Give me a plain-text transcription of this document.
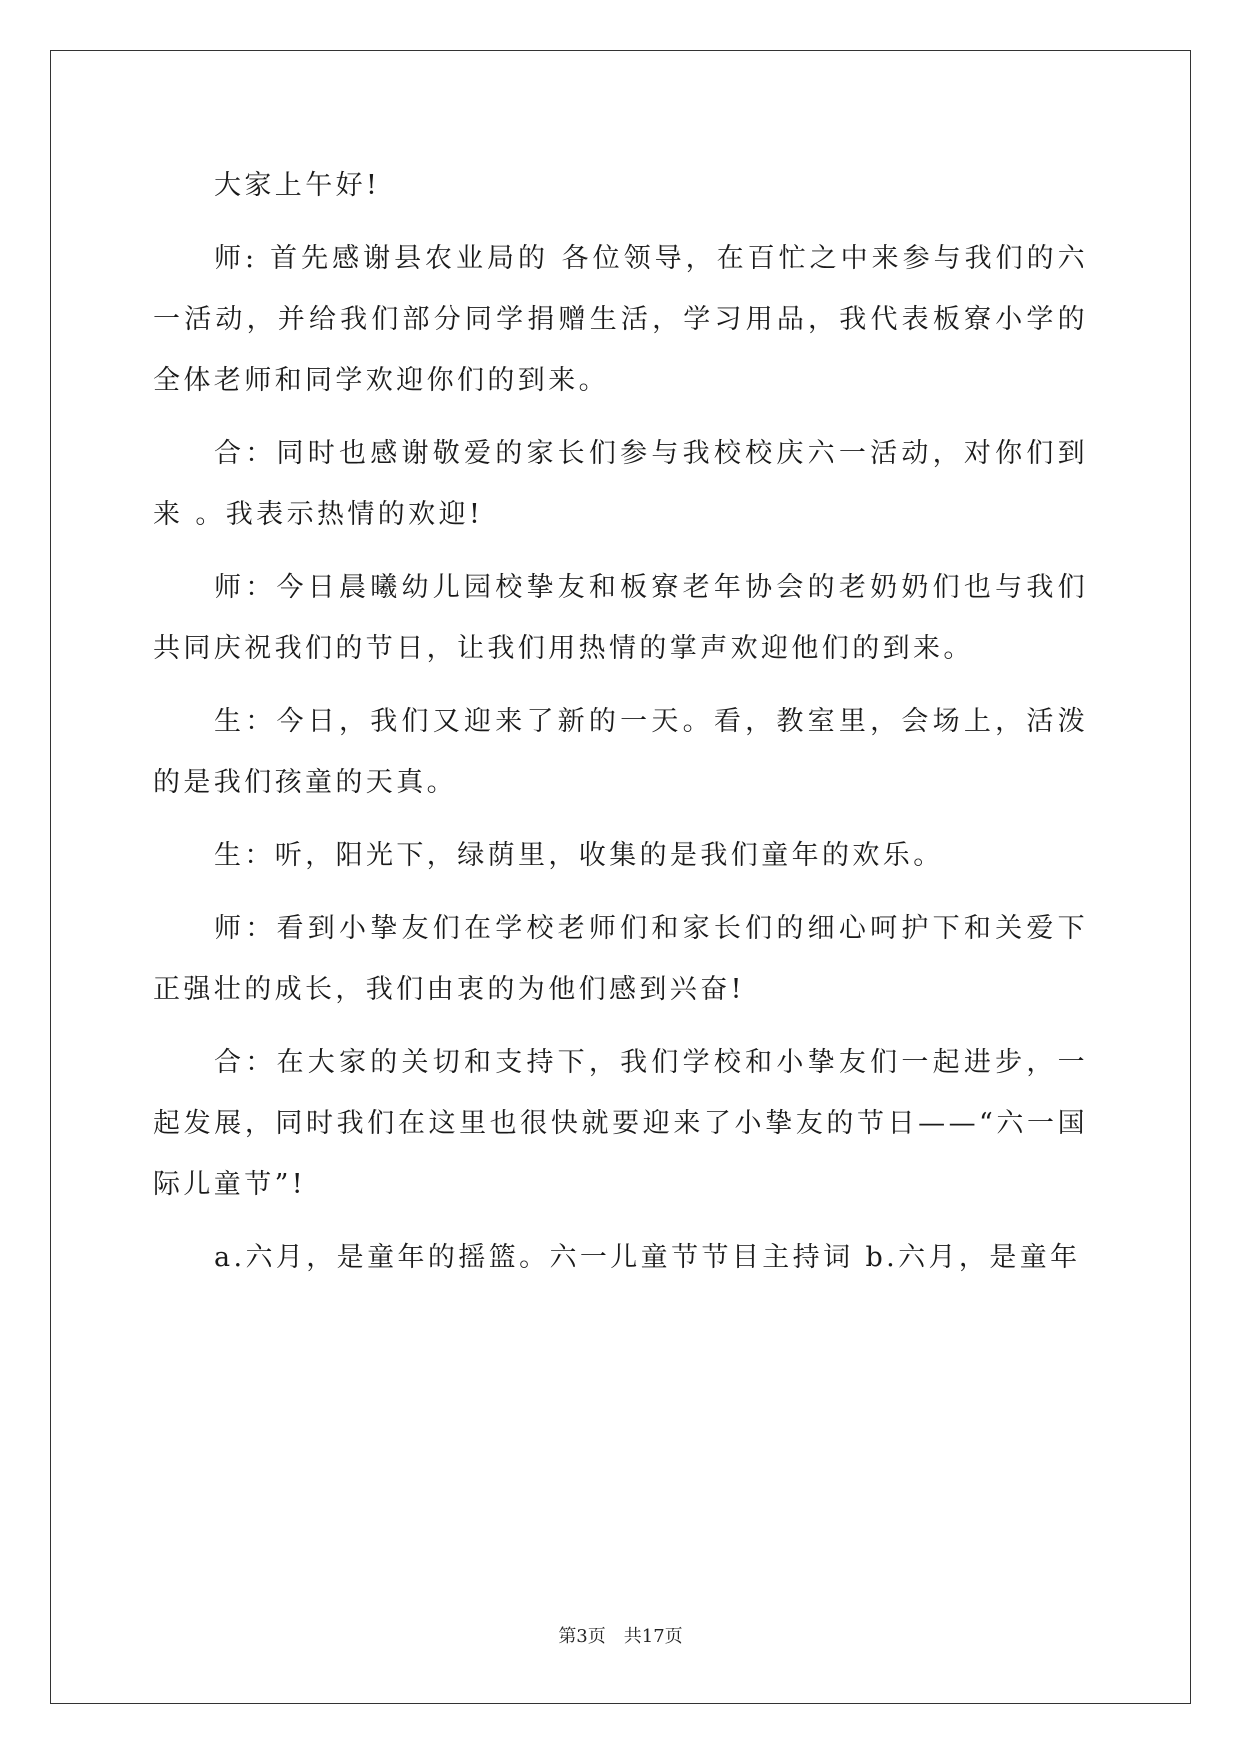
大家上午好!

师: 首先感谢县农业局的 各位领导，在百忙之中来参与我们的六一活动，并给我们部分同学捐赠生活，学习用品，我代表板寮小学的全体老师和同学欢迎你们的到来。

合：同时也感谢敬爱的家长们参与我校校庆六一活动，对你们到来 。我表示热情的欢迎!

师：今日晨曦幼儿园校挚友和板寮老年协会的老奶奶们也与我们共同庆祝我们的节日，让我们用热情的掌声欢迎他们的到来。

生：今日，我们又迎来了新的一天。看，教室里，会场上，活泼的是我们孩童的天真。

生：听，阳光下，绿荫里，收集的是我们童年的欢乐。

师：看到小挚友们在学校老师们和家长们的细心呵护下和关爱下正强壮的成长，我们由衷的为他们感到兴奋!

合：在大家的关切和支持下，我们学校和小挚友们一起进步，一起发展，同时我们在这里也很快就要迎来了小挚友的节日——“六一国际儿童节”!

a.六月，是童年的摇篮。六一儿童节节目主持词 b.六月，是童年

第3页　共17页
